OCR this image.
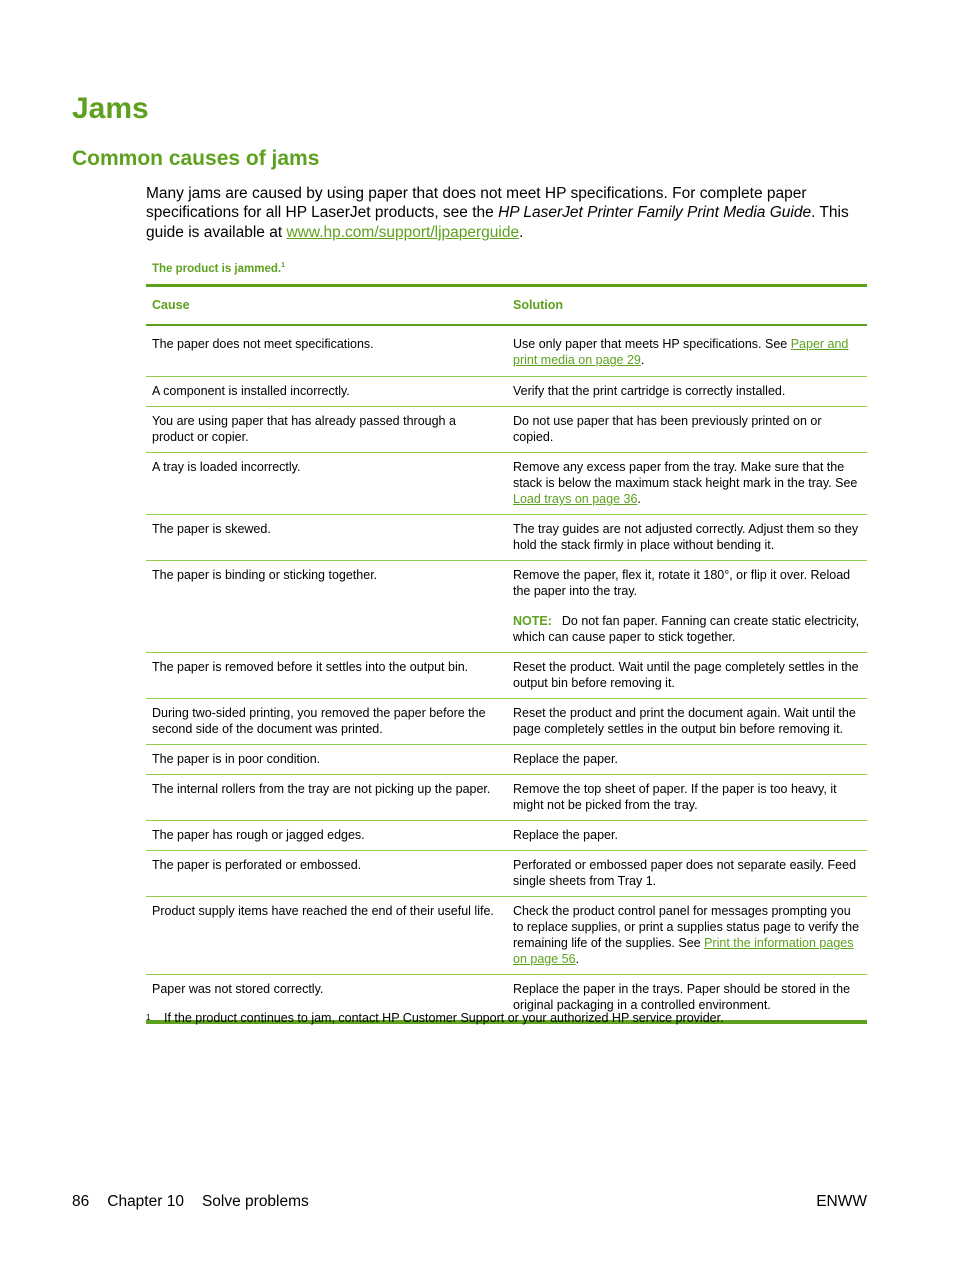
Jams
Common causes of jams

Many jams are caused by using paper that does not meet HP specifications. For complete paper specifications for all HP LaserJet products, see the HP LaserJet Printer Family Print Media Guide. This guide is available at www.hp.com/support/ljpaperguide.

The product is jammed.$^1$
Cause	Solution
The paper does not meet specifications.	Use only paper that meets HP specifications. See Paper and print media on page 29.
A component is installed incorrectly.	Verify that the print cartridge is correctly installed.
You are using paper that has already passed through a product or copier.	Do not use paper that has been previously printed on or copied.
A tray is loaded incorrectly.	Remove any excess paper from the tray. Make sure that the stack is below the maximum stack height mark in the tray. See Load trays on page 36.
The paper is skewed.	The tray guides are not adjusted correctly. Adjust them so they hold the stack firmly in place without bending it.
The paper is binding or sticking together.	Remove the paper, flex it, rotate it 180°, or flip it over. Reload the paper into the tray.
NOTE: Do not fan paper. Fanning can create static electricity, which can cause paper to stick together.

The paper is removed before it settles into the output bin.	Reset the product. Wait until the page completely settles in the output bin before removing it.
During two-sided printing, you removed the paper before the second side of the document was printed.	Reset the product and print the document again. Wait until the page completely settles in the output bin before removing it.
The paper is in poor condition.	Replace the paper.
The internal rollers from the tray are not picking up the paper.	Remove the top sheet of paper. If the paper is too heavy, it might not be picked from the tray.
The paper has rough or jagged edges.	Replace the paper.
The paper is perforated or embossed.	Perforated or embossed paper does not separate easily. Feed single sheets from Tray 1.
Product supply items have reached the end of their useful life.	Check the product control panel for messages prompting you to replace supplies, or print a supplies status page to verify the remaining life of the supplies. See Print the information pages on page 56.
Paper was not stored correctly.	Replace the paper in the trays. Paper should be stored in the original packaging in a controlled environment.
1 If the product continues to jam, contact HP Customer Support or your authorized HP service provider.
86 Chapter 10 Solve problems	ENWW
